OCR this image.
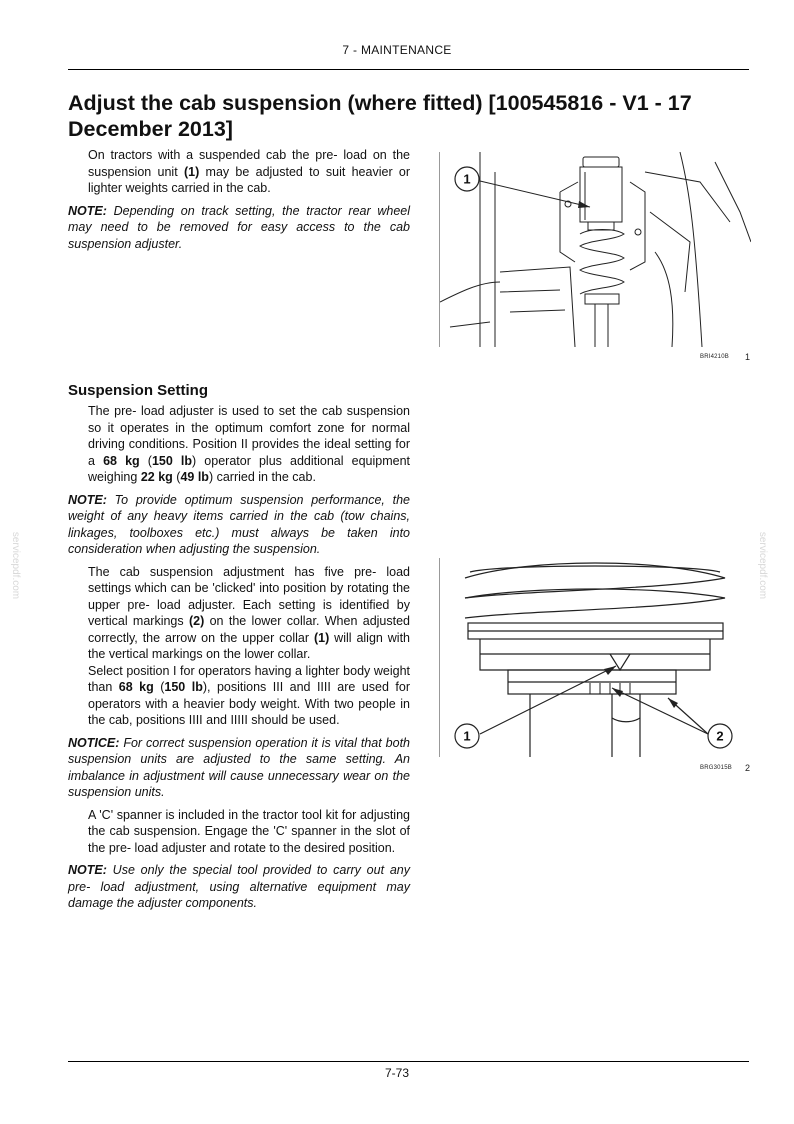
7 - MAINTENANCE
Adjust the cab suspension (where fitted) [100545816 - V1 - 17 December 2013]

On tractors with a suspended cab the pre- load on the suspension unit (1) may be adjusted to suit heavier or lighter weights carried in the cab.

NOTE: Depending on track setting, the tractor rear wheel may need to be removed for easy access to the cab suspension adjuster.

Suspension Setting

The pre- load adjuster is used to set the cab suspension so it operates in the optimum comfort zone for normal driving conditions. Position II provides the ideal setting for a 68 kg (150 lb) operator plus additional equipment weighing 22 kg (49 lb) carried in the cab.

NOTE: To provide optimum suspension performance, the weight of any heavy items carried in the cab (tow chains, linkages, toolboxes etc.) must always be taken into consideration when adjusting the suspension.

The cab suspension adjustment has five pre- load settings which can be 'clicked' into position by rotating the upper pre- load adjuster. Each setting is identified by vertical markings (2) on the lower collar. When adjusted correctly, the arrow on the upper collar (1) will align with the vertical markings on the lower collar.

Select position I for operators having a lighter body weight than 68 kg (150 lb), positions III and IIII are used for operators with a heavier body weight. With two people in the cab, positions IIII and IIIII should be used.

NOTICE: For correct suspension operation it is vital that both suspension units are adjusted to the same setting. An imbalance in adjustment will cause unnecessary wear on the suspension units.

A 'C' spanner is included in the tractor tool kit for adjusting the cab suspension. Engage the 'C' spanner in the slot of the pre- load adjuster and rotate to the desired position.

NOTE: Use only the special tool provided to carry out any pre- load adjustment, using alternative equipment may damage the adjuster components.

1
BRI4210B 1
1	2
BRG3015B 2
servicepdf.com	servicepdf.com
7-73
